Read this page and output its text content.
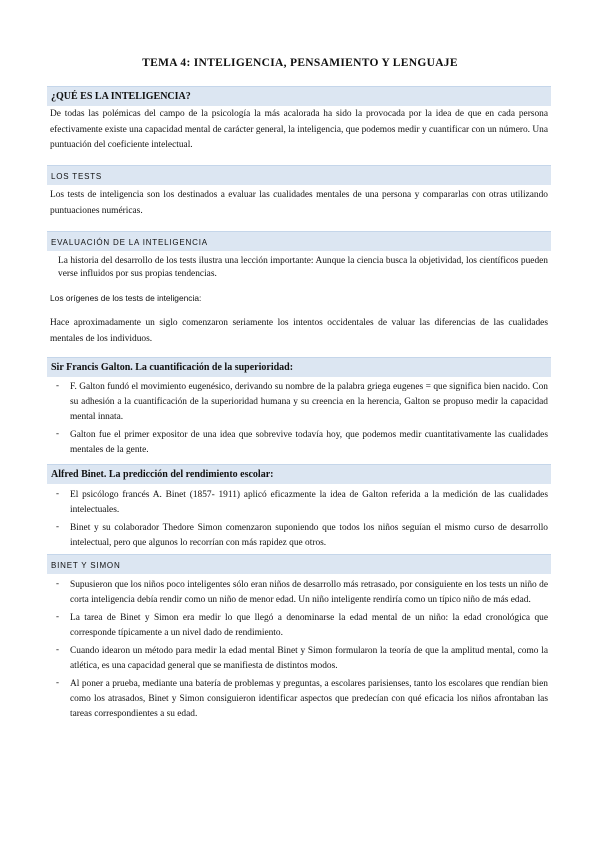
TEMA 4: INTELIGENCIA, PENSAMIENTO Y LENGUAJE
¿QUÉ ES LA INTELIGENCIA?
De todas las polémicas del campo de la psicología la más acalorada ha sido la provocada por la idea de que en cada persona efectivamente existe una capacidad mental de carácter general, la inteligencia, que podemos medir y cuantificar con un número. Una puntuación del coeficiente intelectual.
LOS TESTS
Los tests de inteligencia son los destinados a evaluar las cualidades mentales de una persona y compararlas con otras utilizando puntuaciones numéricas.
EVALUACIÓN DE LA INTELIGENCIA
La historia del desarrollo de los tests ilustra una lección importante: Aunque la ciencia busca la objetividad, los científicos pueden verse influidos por sus propias tendencias.
Los orígenes de los tests de inteligencia:
Hace aproximadamente un siglo comenzaron seriamente los intentos occidentales de valuar las diferencias de las cualidades mentales de los individuos.
Sir Francis Galton. La cuantificación de la superioridad:
- F. Galton fundó el movimiento eugenésico, derivando su nombre de la palabra griega eugenes = que significa bien nacido. Con su adhesión a la cuantificación de la superioridad humana y su creencia en la herencia, Galton se propuso medir la capacidad mental innata.
- Galton fue el primer expositor de una idea que sobrevive todavía hoy, que podemos medir cuantitativamente las cualidades mentales de la gente.
Alfred Binet. La predicción del rendimiento escolar:
- El psicólogo francés A. Binet (1857- 1911) aplicó eficazmente la idea de Galton referida a la medición de las cualidades intelectuales.
- Binet y su colaborador Thedore Simon comenzaron suponiendo que todos los niños seguían el mismo curso de desarrollo intelectual, pero que algunos lo recorrían con más rapidez que otros.
BINET Y SIMON
- Supusieron que los niños poco inteligentes sólo eran niños de desarrollo más retrasado, por consiguiente en los tests un niño de corta inteligencia debía rendir como un niño de menor edad. Un niño inteligente rendiría como un típico niño de más edad.
- La tarea de Binet y Simon era medir lo que llegó a denominarse la edad mental de un niño: la edad cronológica que corresponde típicamente a un nivel dado de rendimiento.
- Cuando idearon un método para medir la edad mental Binet y Simon formularon la teoría de que la amplitud mental, como la atlética, es una capacidad general que se manifiesta de distintos modos.
- Al poner a prueba, mediante una batería de problemas y preguntas, a escolares parisienses, tanto los escolares que rendían bien como los atrasados, Binet y Simon consiguieron identificar aspectos que predecían con qué eficacia los niños afrontaban las tareas correspondientes a su edad.
